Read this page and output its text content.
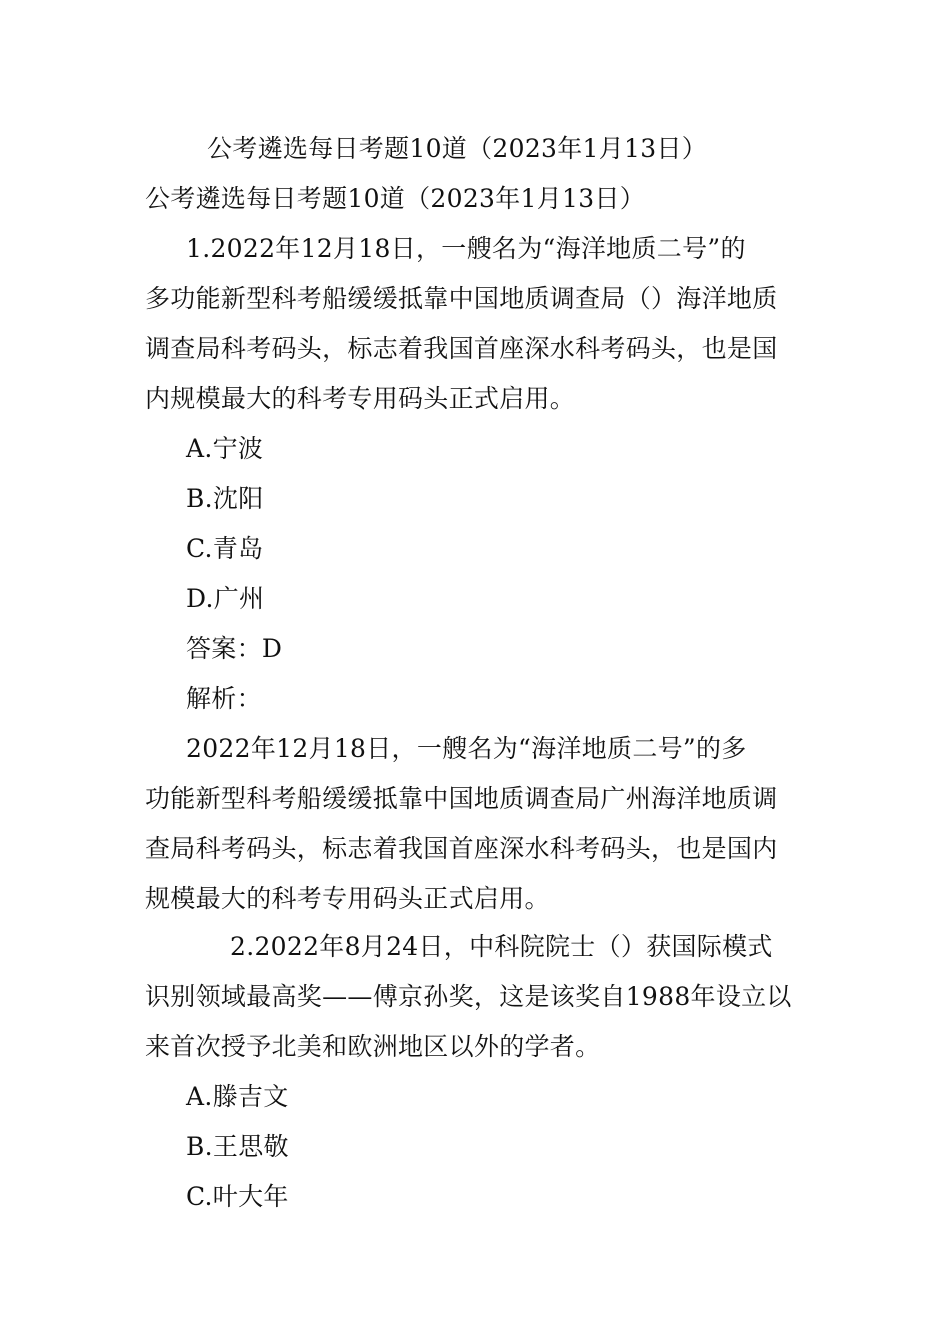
公考遴选每日考题10道（2023年1月13日）
公考遴选每日考题10道（2023年1月13日）
1.2022年12月18日，一艘名为“海洋地质二号”的
多功能新型科考船缓缓抵靠中国地质调查局（）海洋地质
调查局科考码头，标志着我国首座深水科考码头，也是国
内规模最大的科考专用码头正式启用。
A.宁波
B.沈阳
C.青岛
D.广州
答案：D
解析：
2022年12月18日，一艘名为“海洋地质二号”的多
功能新型科考船缓缓抵靠中国地质调查局广州海洋地质调
查局科考码头，标志着我国首座深水科考码头，也是国内
规模最大的科考专用码头正式启用。
2.2022年8月24日，中科院院士（）获国际模式
识别领域最高奖——傅京孙奖，这是该奖自1988年设立以
来首次授予北美和欧洲地区以外的学者。
A.滕吉文
B.王思敬
C.叶大年
